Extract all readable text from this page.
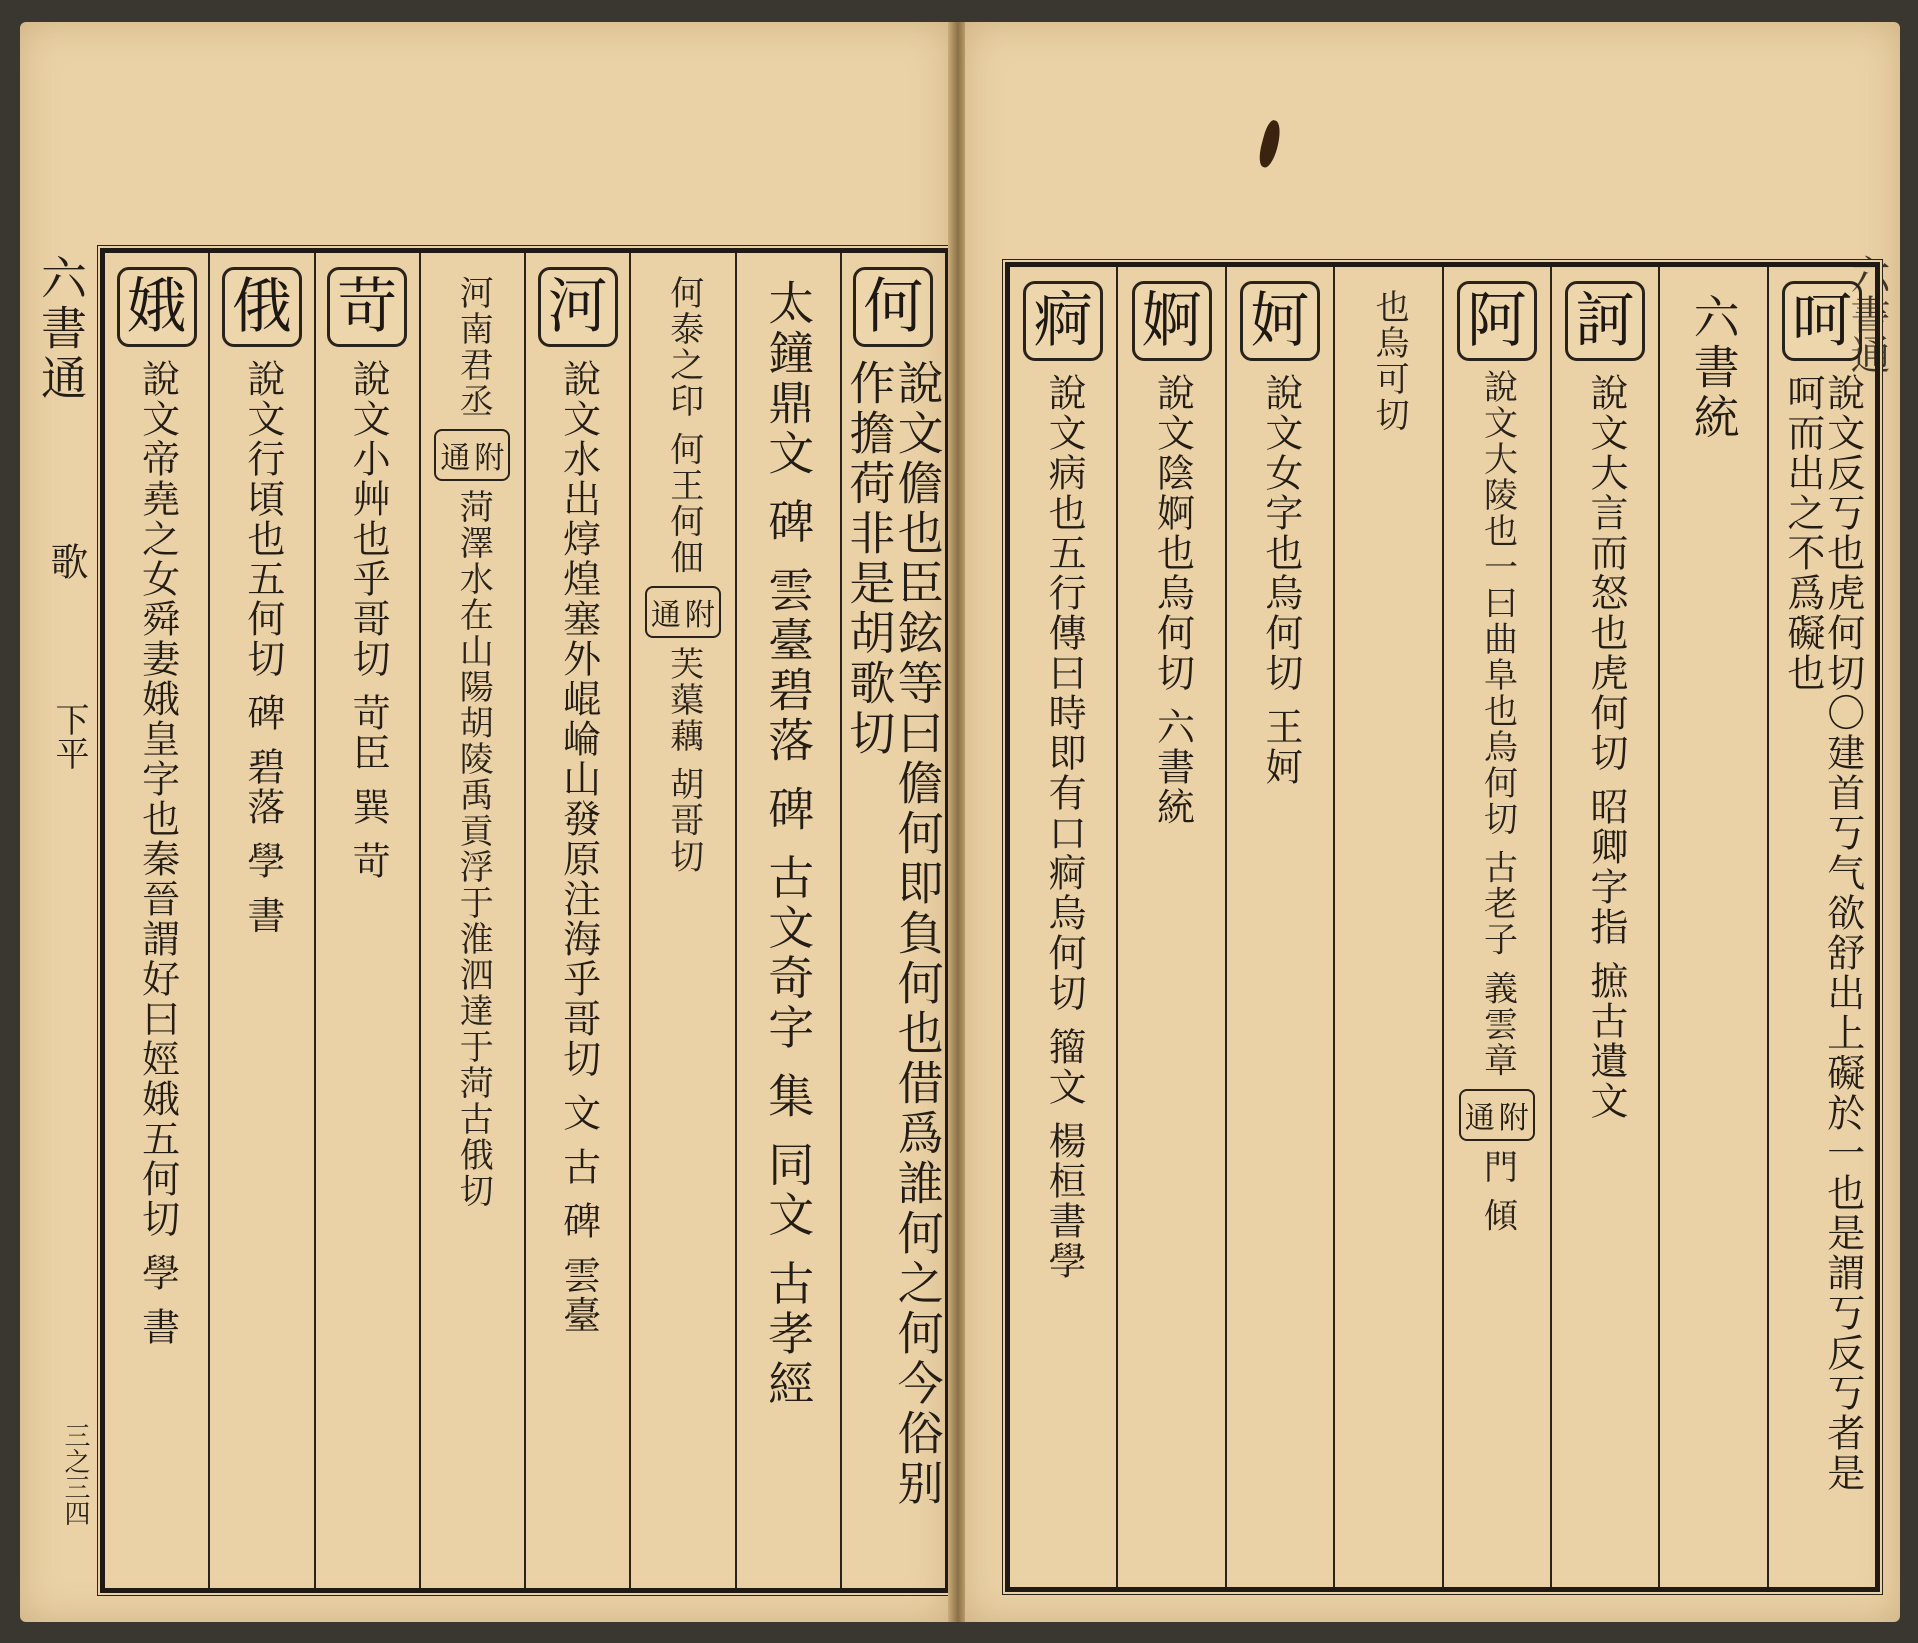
六書通
歌
下平
三之三四
何
說文儋也臣鉉等曰儋何即負何也借爲誰何之何今俗别作擔荷非是胡歌切
太鐘鼎文 碑 雲臺碧落 碑 古文奇字 集 同文 古孝經
何泰之印 何王何佃
附
通
芙蕖藕 胡哥切
河
說文水出焞煌塞外崐崘山發原注海乎哥切 文 古 碑 雲臺
河南君丞
附
通
菏澤水在山陽胡陵禹貢浮于淮泗達于菏古俄切
苛
說文小艸也乎哥切 苛臣 巽 苛
俄
說文行頃也五何切 碑 碧落 學 書
娥
說文帝堯之女舜妻娥皇字也秦晉謂好曰娙娥五何切 學 書
六書通
呵
說文反丂也虎何切〇建首丂气欲舒出上礙於一也是謂丂反丂者是呵而出之不爲礙也
六書統
訶
說文大言而怒也虎何切 昭卿字指 摭古遺文
阿
說文大陵也一曰曲阜也烏何切 古老子 義雲章
附
通
門 傾
也烏可切
妸
說文女字也烏何切 王妸
婀
說文陰婀也烏何切 六書統
痾
說文病也五行傳曰時即有口痾烏何切 籀文 楊桓書學
